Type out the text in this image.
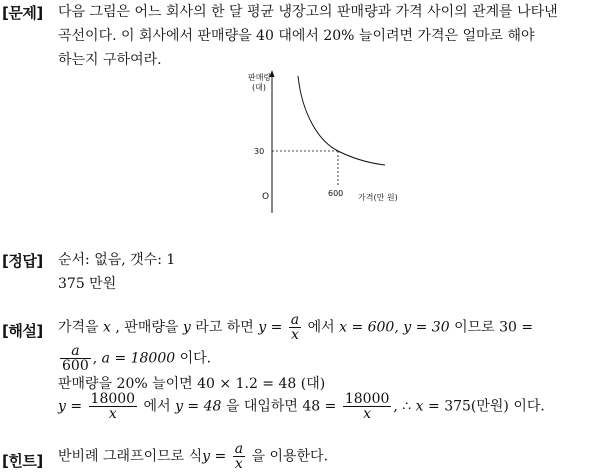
[문제] 다음 그림은 어느 회사의 한 달 평균 냉장고의 판매량과 가격 사이의 관계를 나타낸
곡선이다. 이 회사에서 판매량을 40 대에서 20% 늘이려면 가격은 얼마로 해야
하는지 구하여라.
판매량
(대)
O
30
600 가격(만 원)
[정답] 순서: 없음, 갯수: 1
375 만원
[해설] 가격을 x , 판매량을 y 라고 하면 $y = \frac{a}{x}$ 에서 x = 600, y = 30 이므로 30 =
$\frac{a}{600}$ , a = 18000 이다.
판매량을 20% 늘이면 40 × 1.2 = 48 (대)
$y = \frac{18000}{x}$ 에서 y = 48 을 대입하면 $48 = \frac{18000}{x}$ , ∴ x = 375(만원) 이다.
[힌트] 반비례 그래프이므로 식$y = \frac{a}{x}$ 을 이용한다.
